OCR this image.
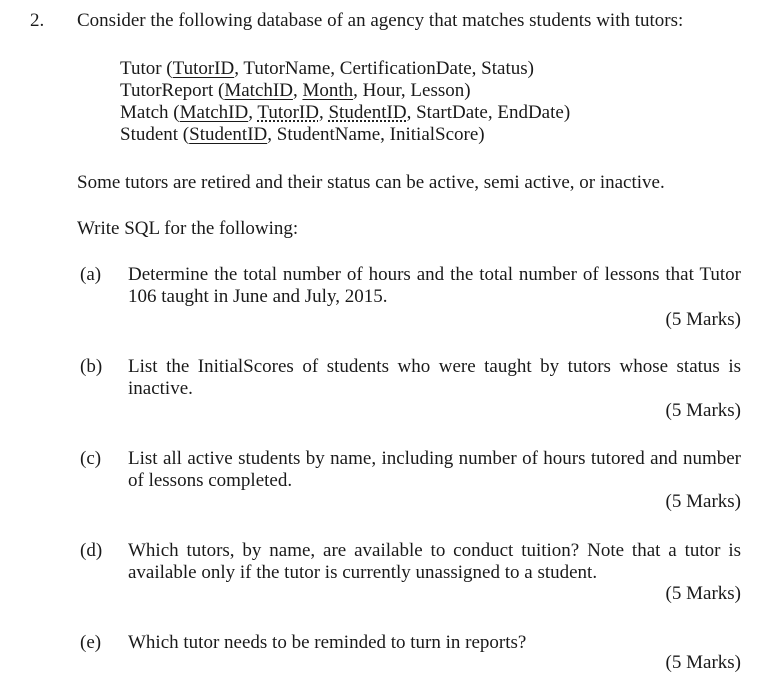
2. Consider the following database of an agency that matches students with tutors:
Tutor (TutorID, TutorName, CertificationDate, Status)
TutorReport (MatchID, Month, Hour, Lesson)
Match (MatchID, TutorID, StudentID, StartDate, EndDate)
Student (StudentID, StudentName, InitialScore)
Some tutors are retired and their status can be active, semi active, or inactive.
Write SQL for the following:
(a) Determine the total number of hours and the total number of lessons that Tutor 106 taught in June and July, 2015.
(5 Marks)
(b) List the InitialScores of students who were taught by tutors whose status is inactive.
(5 Marks)
(c) List all active students by name, including number of hours tutored and number of lessons completed.
(5 Marks)
(d) Which tutors, by name, are available to conduct tuition? Note that a tutor is available only if the tutor is currently unassigned to a student.
(5 Marks)
(e) Which tutor needs to be reminded to turn in reports?
(5 Marks)
